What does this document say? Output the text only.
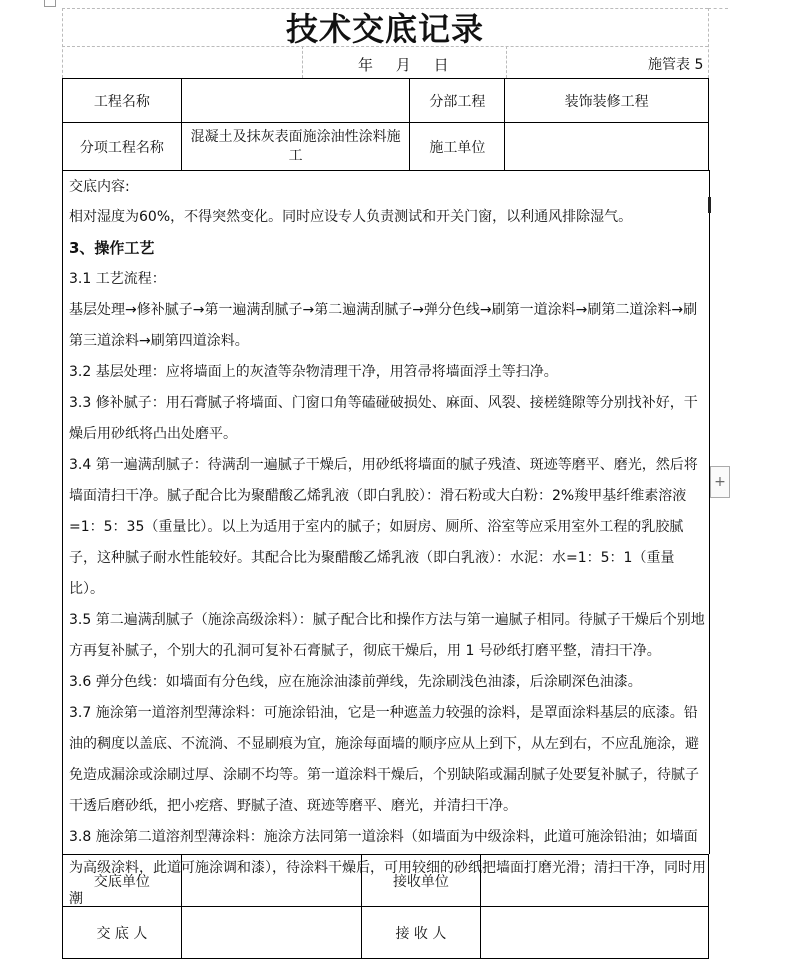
技术交底记录
年 月 日	施管表 5
工程名称		分部工程	装饰装修工程
分项工程名称	混凝土及抹灰表面施涂油性涂料施工	施工单位	
交底内容:

相对湿度为60%，不得突然变化。同时应设专人负责测试和开关门窗，以利通风排除湿气。

3、操作工艺

3.1 工艺流程：

基层处理→修补腻子→第一遍满刮腻子→第二遍满刮腻子→弹分色线→刷第一道涂料→刷第二道涂料→刷第三道涂料→刷第四道涂料。

3.2 基层处理：应将墙面上的灰渣等杂物清理干净，用笤帚将墙面浮土等扫净。

3.3 修补腻子：用石膏腻子将墙面、门窗口角等磕碰破损处、麻面、风裂、接槎缝隙等分别找补好，干燥后用砂纸将凸出处磨平。

3.4 第一遍满刮腻子：待满刮一遍腻子干燥后，用砂纸将墙面的腻子残渣、斑迹等磨平、磨光，然后将墙面清扫干净。腻子配合比为聚醋酸乙烯乳液（即白乳胶）：滑石粉或大白粉：2%羧甲基纤维素溶液=1：5：35（重量比）。以上为适用于室内的腻子；如厨房、厕所、浴室等应采用室外工程的乳胶腻子，这种腻子耐水性能较好。其配合比为聚醋酸乙烯乳液（即白乳液）：水泥：水=1：5：1（重量比）。

3.5 第二遍满刮腻子（施涂高级涂料）：腻子配合比和操作方法与第一遍腻子相同。待腻子干燥后个别地方再复补腻子，个别大的孔洞可复补石膏腻子，彻底干燥后，用 1 号砂纸打磨平整，清扫干净。

3.6 弹分色线：如墙面有分色线，应在施涂油漆前弹线，先涂刷浅色油漆，后涂刷深色油漆。

3.7 施涂第一道溶剂型薄涂料：可施涂铅油，它是一种遮盖力较强的涂料，是罩面涂料基层的底漆。铅油的稠度以盖底、不流淌、不显刷痕为宜，施涂每面墙的顺序应从上到下，从左到右，不应乱施涂，避免造成漏涂或涂刷过厚、涂刷不均等。第一道涂料干燥后，个别缺陷或漏刮腻子处要复补腻子，待腻子干透后磨砂纸，把小疙瘩、野腻子渣、斑迹等磨平、磨光，并清扫干净。

3.8 施涂第二道溶剂型薄涂料：施涂方法同第一道涂料（如墙面为中级涂料，此道可施涂铅油；如墙面为高级涂料，此道可施涂调和漆），待涂料干燥后，可用较细的砂纸把墙面打磨光滑；清扫干净，同时用潮

+
交底单位		接收单位	
交 底 人		接 收 人	
